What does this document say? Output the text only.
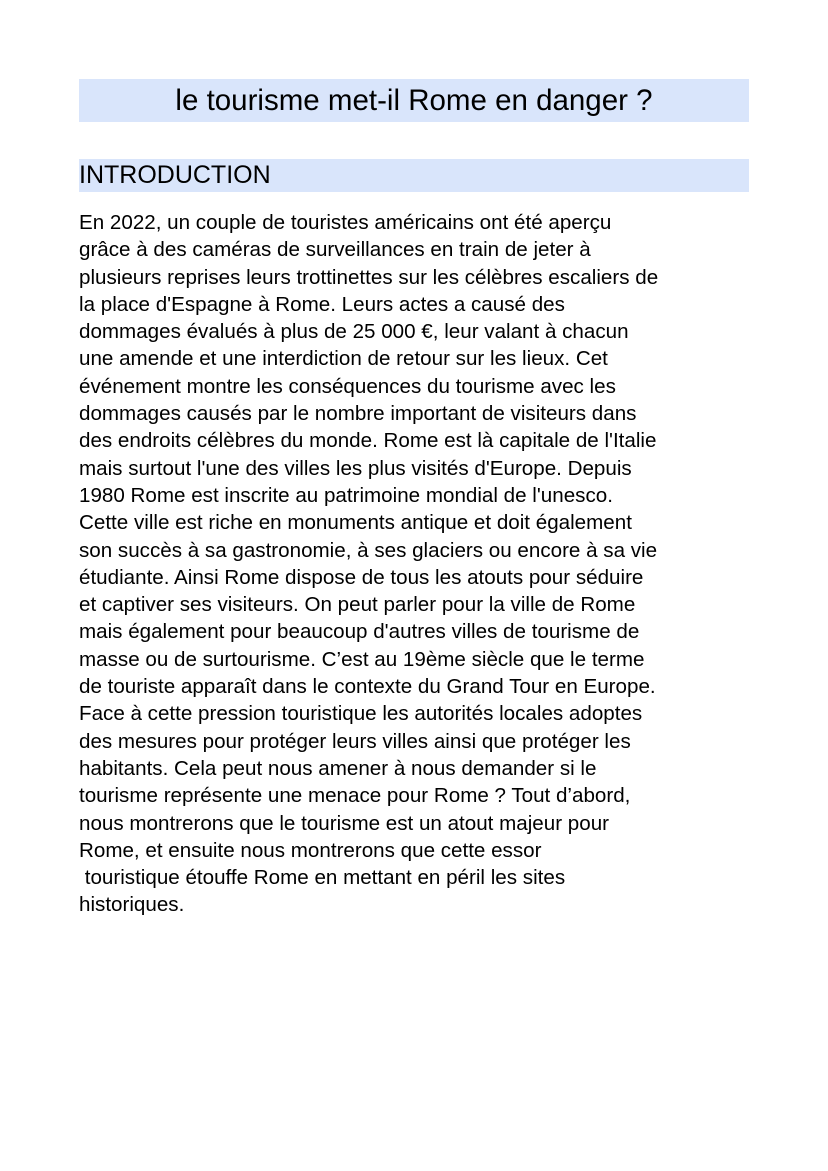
le tourisme met-il Rome en danger ?
INTRODUCTION
En 2022, un couple de touristes américains ont été aperçu
grâce à des caméras de surveillances en train de jeter à
plusieurs reprises leurs trottinettes sur les célèbres escaliers de
la place d'Espagne à Rome. Leurs actes a causé des
dommages évalués à plus de 25 000 €, leur valant à chacun
une amende et une interdiction de retour sur les lieux. Cet
événement montre les conséquences du tourisme avec les
dommages causés par le nombre important de visiteurs dans
des endroits célèbres du monde. Rome est là capitale de l'Italie
mais surtout l'une des villes les plus visités d'Europe. Depuis
1980 Rome est inscrite au patrimoine mondial de l'unesco.
Cette ville est riche en monuments antique et doit également
son succès à sa gastronomie, à ses glaciers ou encore à sa vie
étudiante. Ainsi Rome dispose de tous les atouts pour séduire
et captiver ses visiteurs. On peut parler pour la ville de Rome
mais également pour beaucoup d'autres villes de tourisme de
masse ou de surtourisme. C’est au 19ème siècle que le terme
de touriste apparaît dans le contexte du Grand Tour en Europe.
Face à cette pression touristique les autorités locales adoptes
des mesures pour protéger leurs villes ainsi que protéger les
habitants. Cela peut nous amener à nous demander si le
tourisme représente une menace pour Rome ? Tout d’abord,
nous montrerons que le tourisme est un atout majeur pour
Rome, et ensuite nous montrerons que cette essor
touristique étouffe Rome en mettant en péril les sites
historiques.
